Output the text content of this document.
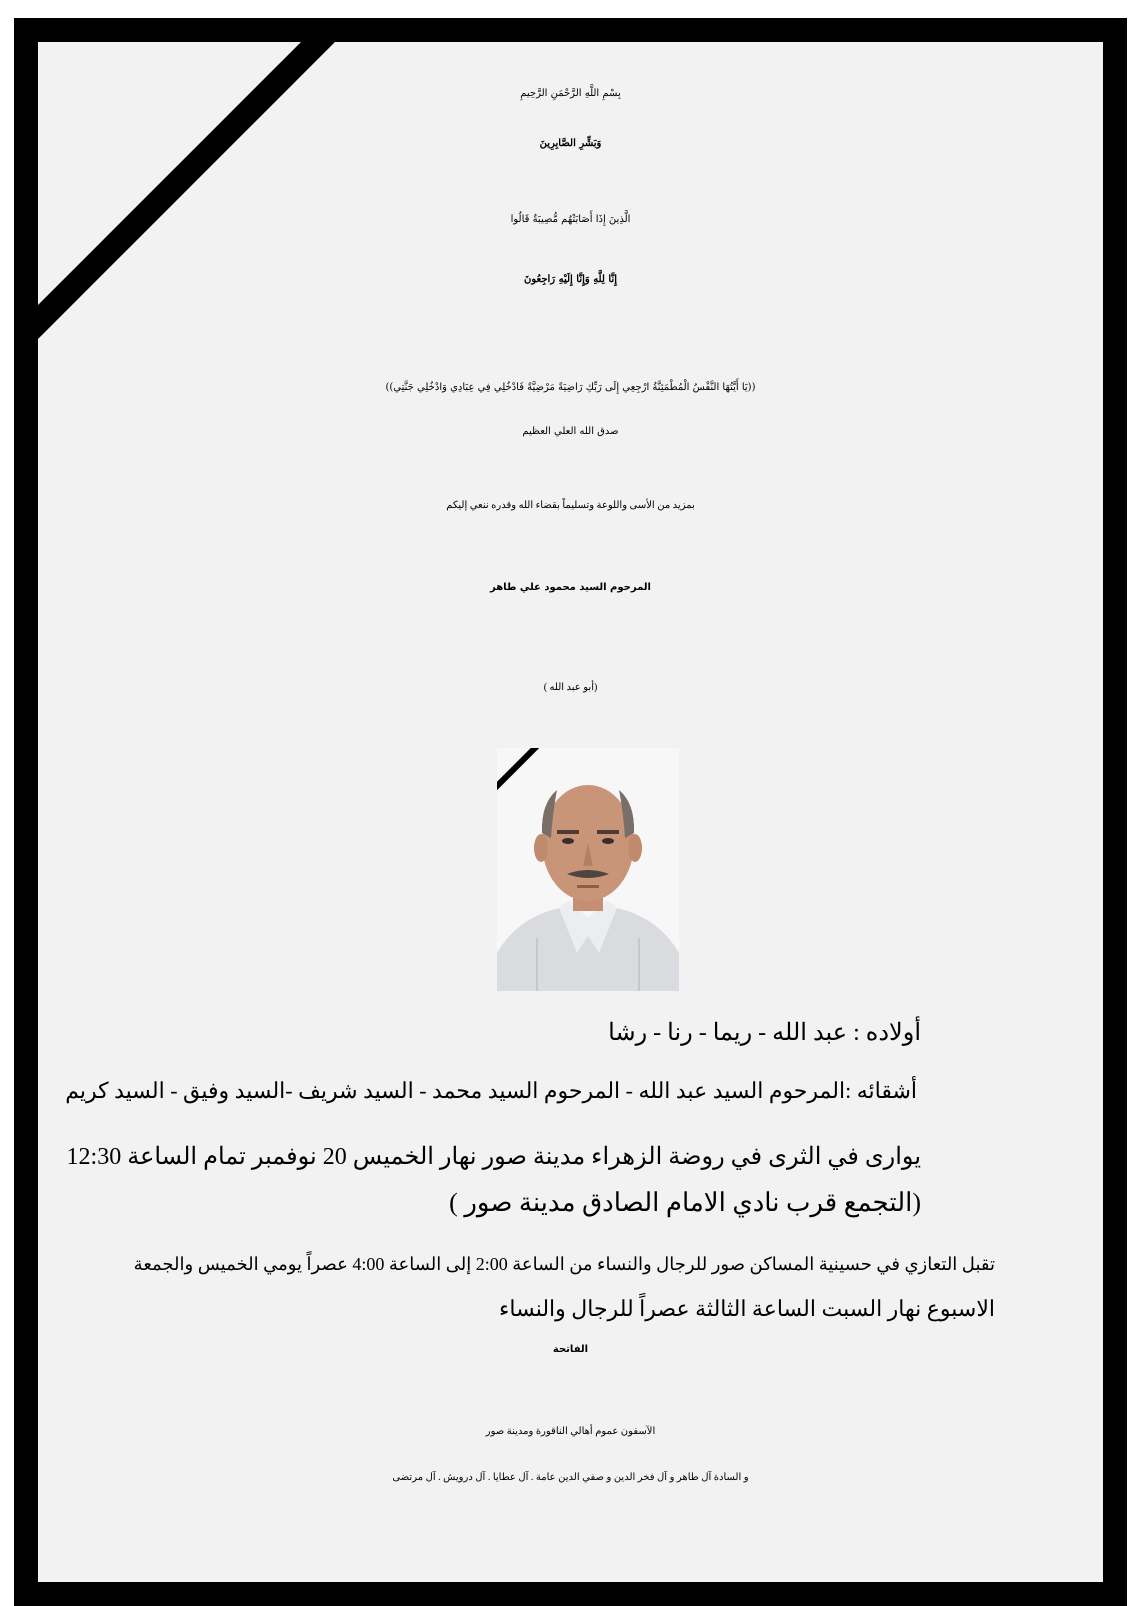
بِسْمِ اللَّهِ الرَّحْمَنِ الرَّحِيمِ
وَبَشِّرِ الصَّابِرِينَ
الَّذِينَ إِذَا أَصَابَتْهُم مُّصِيبَةٌ قَالُوا
إِنَّا لِلَّهِ وَإِنَّا إِلَيْهِ رَاجِعُونَ
((يَا أَيَّتُهَا النَّفْسُ الْمُطْمَئِنَّةُ ارْجِعِي إِلَى رَبِّكِ رَاضِيَةً مَرْضِيَّةً فَادْخُلِي فِي عِبَادِي وَادْخُلِي جَنَّتِي))
صدق الله العلي العظيم
بمزيد من الأسى واللوعة وتسليماً بقضاء الله وقدره ننعي إليكم
المرحوم السيد محمود علي طاهر
(أبو عبد الله )
أولاده : عبد الله - ريما - رنا - رشا
أشقائه :المرحوم السيد عبد الله - المرحوم السيد محمد - السيد شريف -السيد وفيق - السيد كريم
يوارى في الثرى في روضة الزهراء مدينة صور نهار الخميس 20 نوفمبر تمام الساعة 12:30
(التجمع قرب نادي الامام الصادق مدينة صور )
تقبل التعازي في حسينية المساكن صور للرجال والنساء من الساعة 2:00 إلى الساعة 4:00 عصراً يومي الخميس والجمعة
الاسبوع نهار السبت الساعة الثالثة عصراً للرجال والنساء
الفاتحة
الآسفون عموم أهالي الناقورة ومدينة صور
و السادة آل طاهر و آل فخر الدين و صفي الدين عامة . آل عطايا . آل درويش . آل مرتضى
